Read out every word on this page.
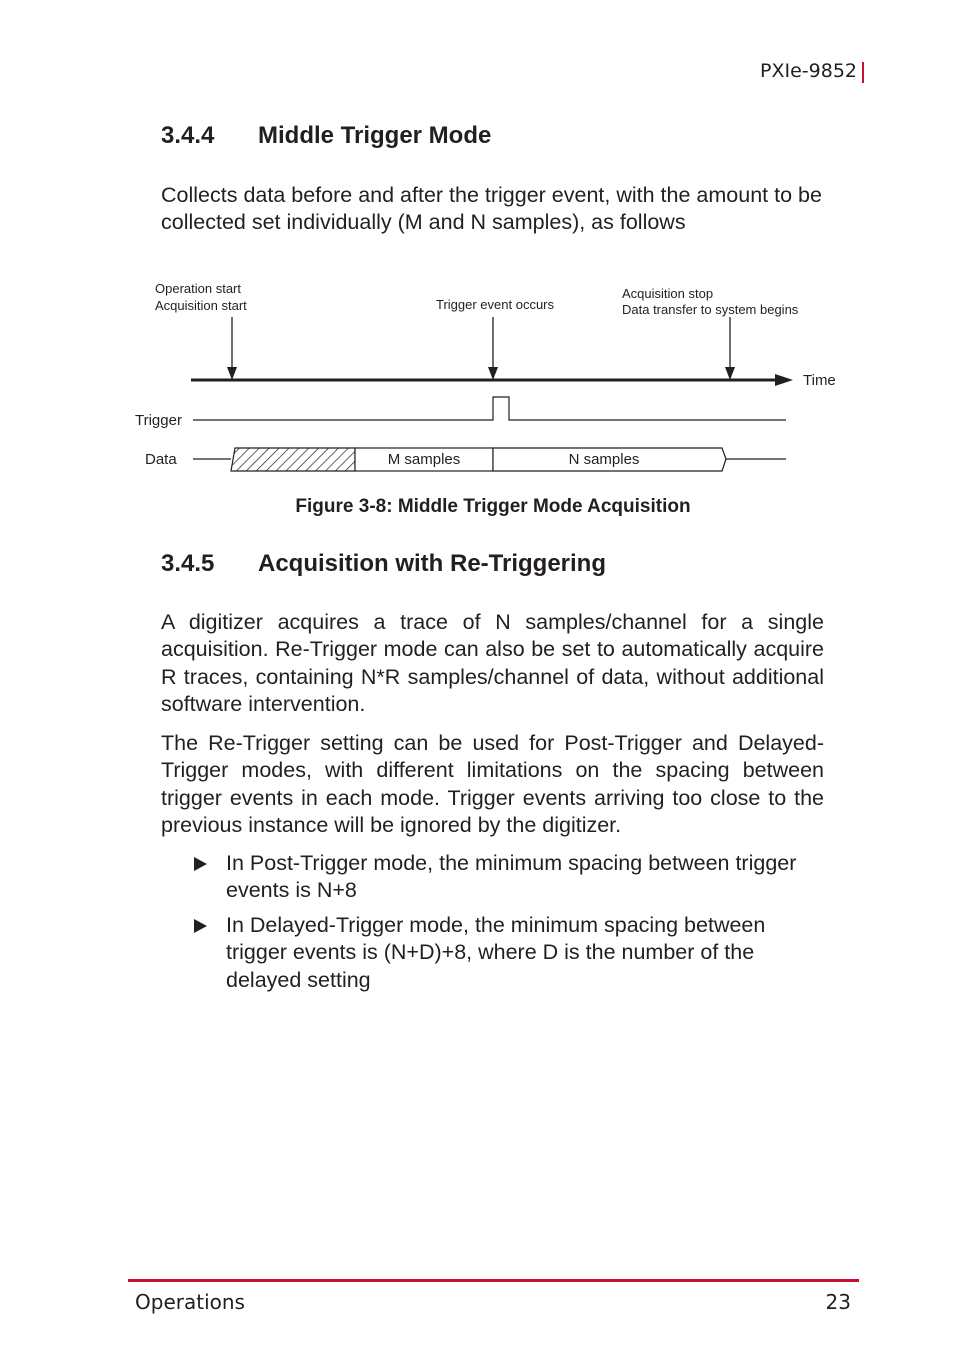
PXIe-9852
3.4.4 Middle Trigger Mode
Collects data before and after the trigger event, with the amount to be collected set individually (M and N samples), as follows
Operation start
Acquisition start	Trigger event occurs
Acquisition stop
Data transfer to system begins
Time
Trigger
Data	M samples	N samples
Figure 3-8: Middle Trigger Mode Acquisition
3.4.5 Acquisition with Re-Triggering
A digitizer acquires a trace of N samples/channel for a single acquisition. Re-Trigger mode can also be set to automatically acquire R traces, containing N*R samples/channel of data, without additional software intervention.
The Re-Trigger setting can be used for Post-Trigger and Delayed-Trigger modes, with different limitations on the spacing between trigger events in each mode. Trigger events arriving too close to the previous instance will be ignored by the digitizer.
In Post-Trigger mode, the minimum spacing between trigger events is N+8
In Delayed-Trigger mode, the minimum spacing between trigger events is (N+D)+8, where D is the number of the delayed setting
Operations	23
